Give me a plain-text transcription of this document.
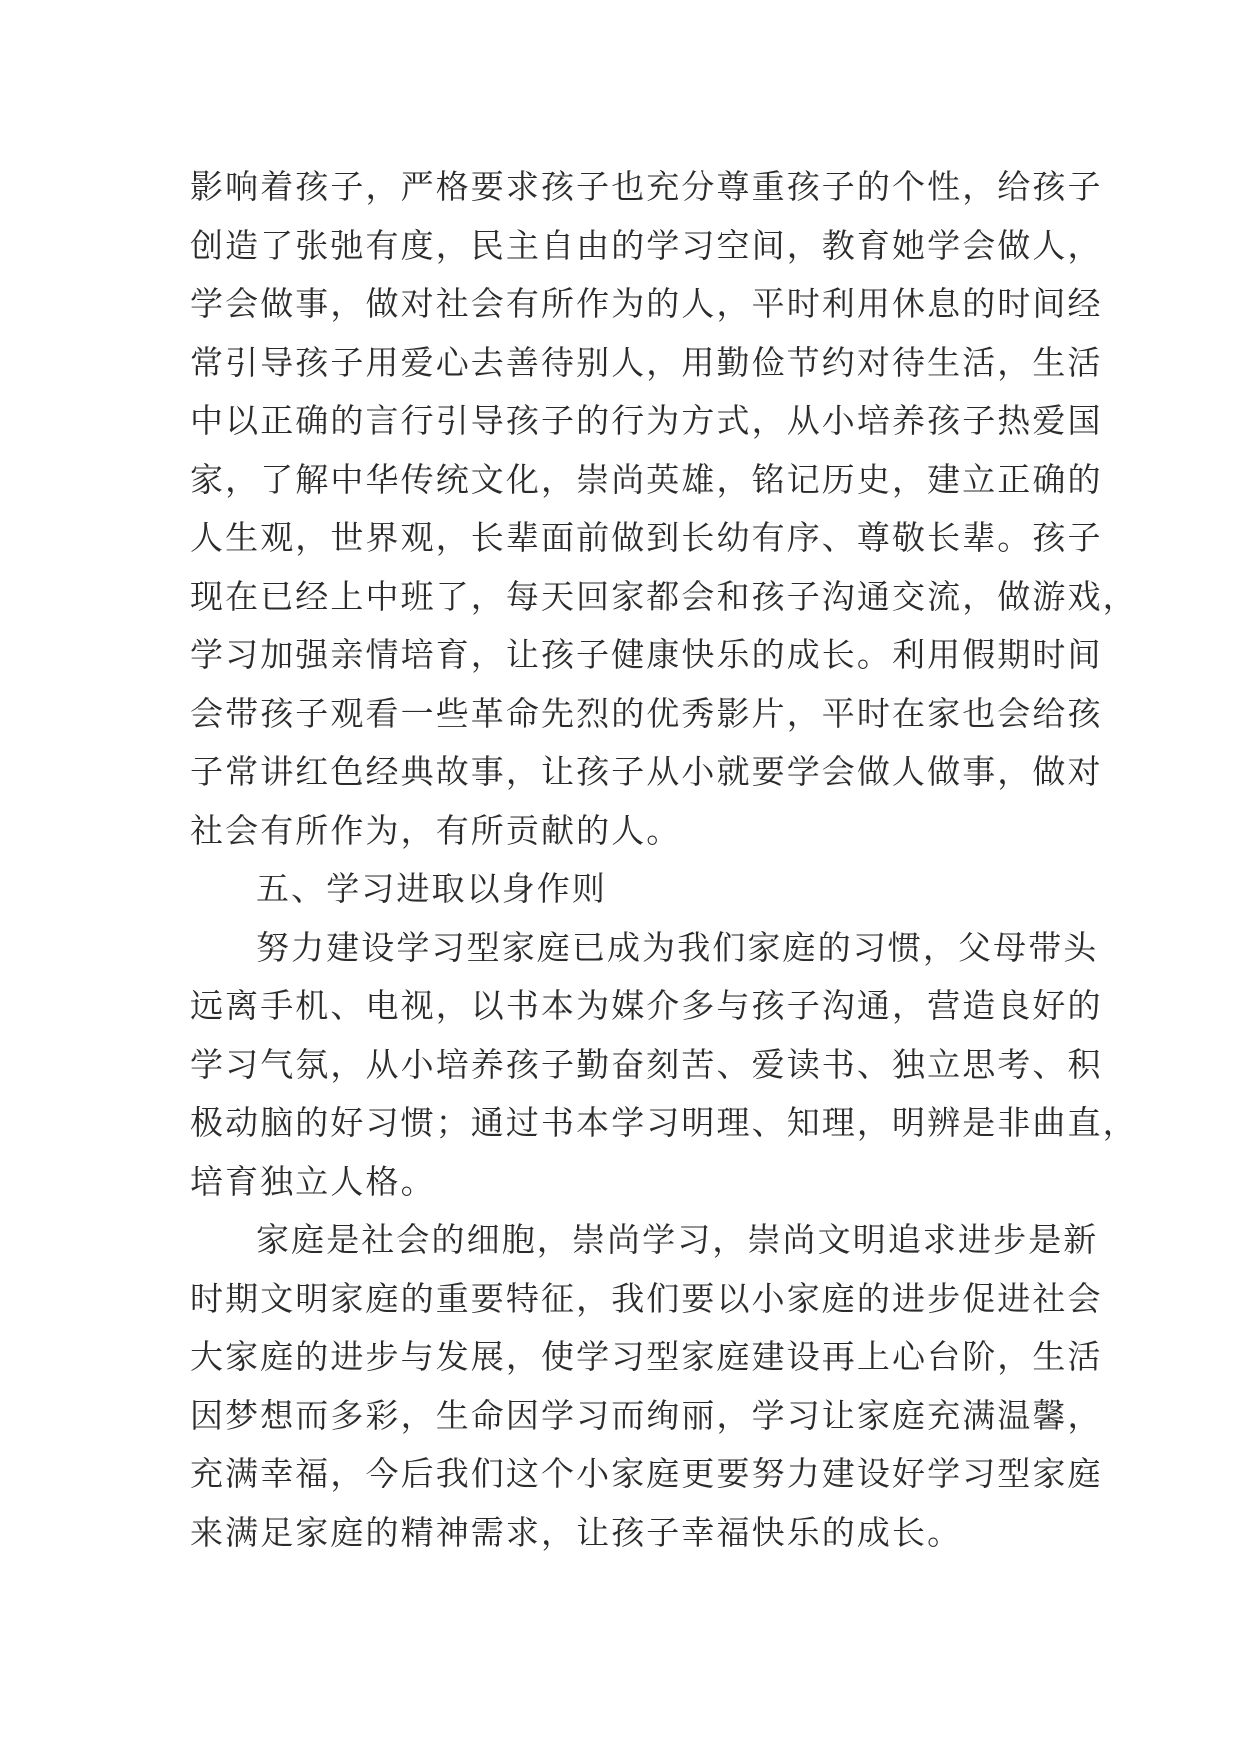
影响着孩子，严格要求孩子也充分尊重孩子的个性，给孩子
创造了张弛有度，民主自由的学习空间，教育她学会做人，
学会做事，做对社会有所作为的人，平时利用休息的时间经
常引导孩子用爱心去善待别人，用勤俭节约对待生活，生活
中以正确的言行引导孩子的行为方式，从小培养孩子热爱国
家，了解中华传统文化，崇尚英雄，铭记历史，建立正确的
人生观，世界观，长辈面前做到长幼有序、尊敬长辈。孩子
现在已经上中班了，每天回家都会和孩子沟通交流，做游戏，
学习加强亲情培育，让孩子健康快乐的成长。利用假期时间
会带孩子观看一些革命先烈的优秀影片，平时在家也会给孩
子常讲红色经典故事，让孩子从小就要学会做人做事，做对
社会有所作为，有所贡献的人。
五、学习进取以身作则
努力建设学习型家庭已成为我们家庭的习惯，父母带头
远离手机、电视，以书本为媒介多与孩子沟通，营造良好的
学习气氛，从小培养孩子勤奋刻苦、爱读书、独立思考、积
极动脑的好习惯；通过书本学习明理、知理，明辨是非曲直，
培育独立人格。
家庭是社会的细胞，崇尚学习，崇尚文明追求进步是新
时期文明家庭的重要特征，我们要以小家庭的进步促进社会
大家庭的进步与发展，使学习型家庭建设再上心台阶，生活
因梦想而多彩，生命因学习而绚丽，学习让家庭充满温馨，
充满幸福，今后我们这个小家庭更要努力建设好学习型家庭
来满足家庭的精神需求，让孩子幸福快乐的成长。
